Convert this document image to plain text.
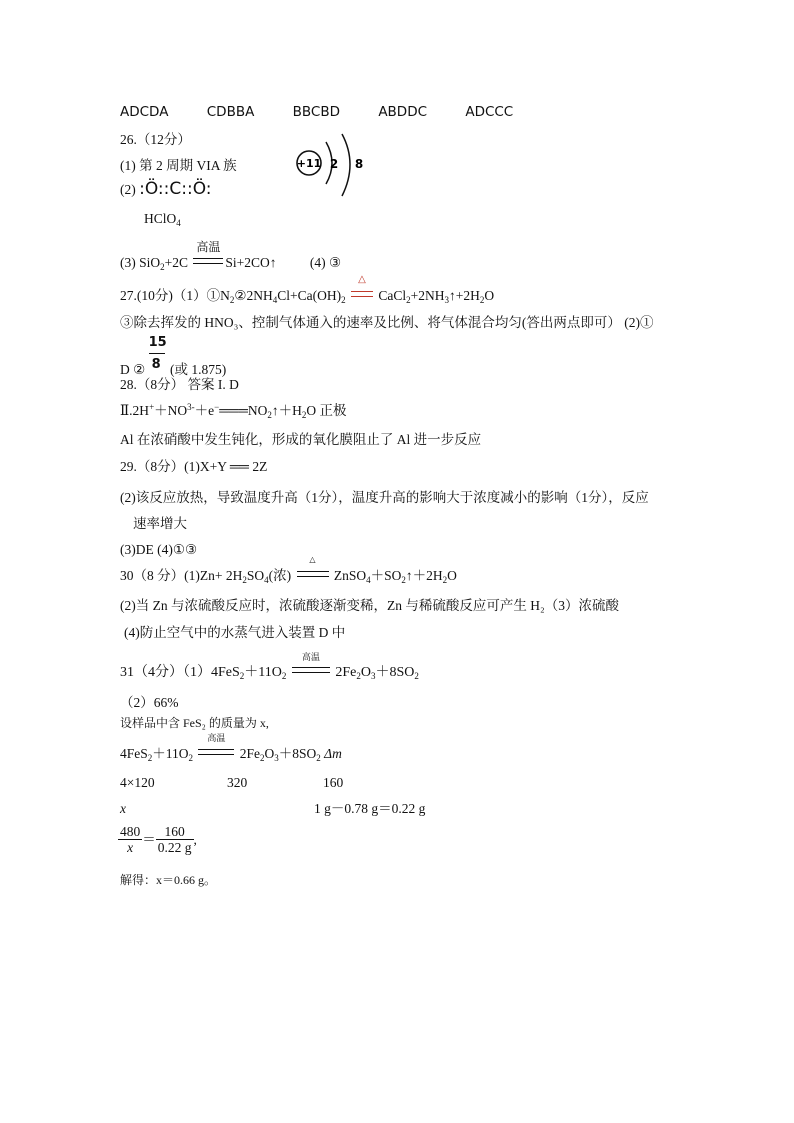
ADCDA	CDBBA	BBCBD	ABDDC	ADCCC
26.（12分）
(1) 第 2 周期 VIA 族	+11 2 8
(2) :Ö::C::Ö:
HClO$_4$
(3) SiO$_2$+2C
高温
Si+2CO↑ (4) ③
27.(10分)$(1)①N_2②2NH_4Cl+Ca(OH)_2$
△
$CaCl_2+2NH_3↑+2H_2O$
③除去挥发的 HNO₃、控制气体通入的速率及比例、将气体混合均匀(答出两点即可） (2)①
D ② $\frac{15}{8}$ (或 1.875)
28.（8分） 答案 I. D
$Ⅱ.2H^++NO^{3-}+e^-═══NO_2↑+H_2O$ 正极
Al 在浓硝酸中发生钝化，形成的氧化膜阻止了 Al 进一步反应
29.（8分）(1)X+Y ══ 2Z
(2)该反应放热，导致温度升高（1分），温度升高的影响大于浓度减小的影响（1分），反应
速率增大
(3)DE (4)①③
30（8 分）$(1)Zn+ 2H_2SO_4$(浓)
△
$ZnSO_4+SO_2↑+2H_2O$
(2)当 Zn 与浓硫酸反应时，浓硫酸逐渐变稀，Zn 与稀硫酸反应可产生 H₂（3）浓硫酸
(4)防止空气中的水蒸气进入装置 D 中
31（4分）$(1)4FeS_2+11O_2$
高温
$2Fe_2O_3+8SO_2$
（2）66%
设样品中含 FeS₂ 的质量为 x,
$4FeS_2+11O_2$
高温
$2Fe_2O_3+8SO_2$ Δm
4×120	320	160
x	1 g－0.78 g＝0.22 g
$\frac{480}{x} = \frac{160}{0.22 g}$ ,
解得：x＝0.66 g。
